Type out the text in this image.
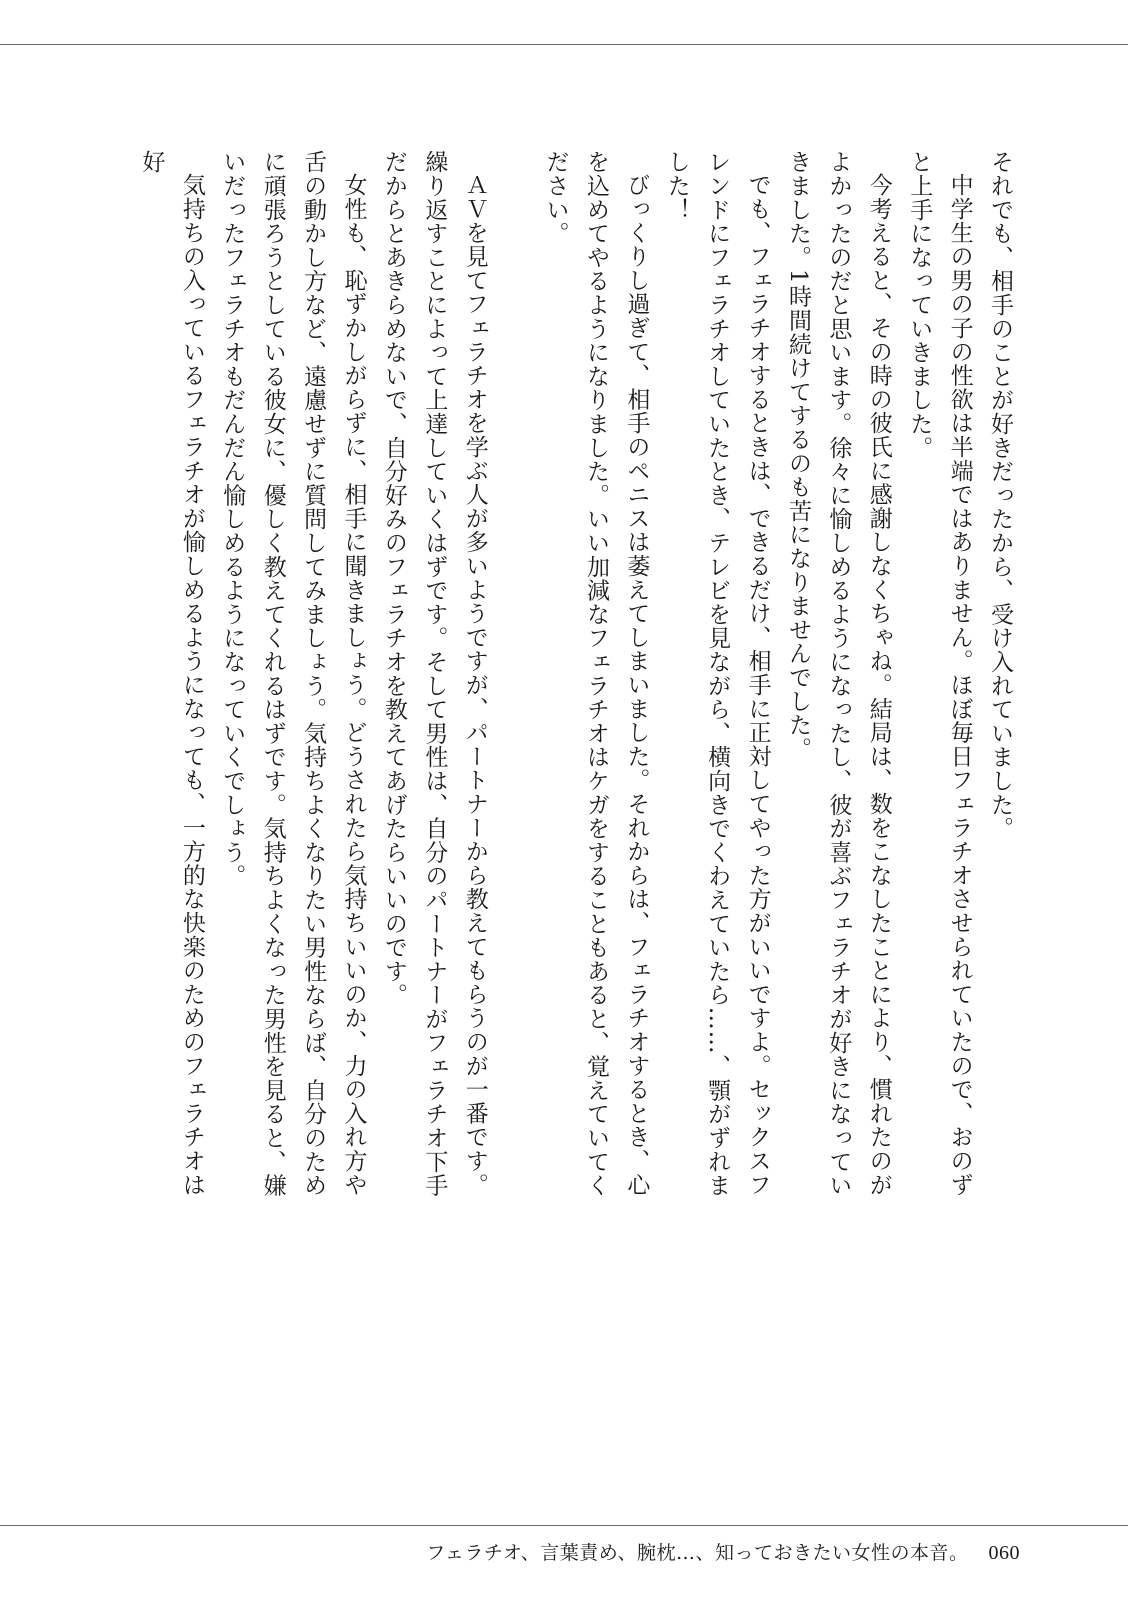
それでも、相手のことが好きだったから、受け入れていました。

中学生の男の子の性欲は半端ではありません。ほぼ毎日フェラチオさせられていたので、おのずと上手になっていきました。

今考えると、その時の彼氏に感謝しなくちゃね。結局は、数をこなしたことにより、慣れたのがよかったのだと思います。徐々に愉しめるようになったし、彼が喜ぶフェラチオが好きになっていきました。1時間続けてするのも苦になりませんでした。

でも、フェラチオするときは、できるだけ、相手に正対してやった方がいいですよ。セックスフレンドにフェラチオしていたとき、テレビを見ながら、横向きでくわえていたら……、顎がずれました！

びっくりし過ぎて、相手のペニスは萎えてしまいました。それからは、フェラチオするとき、心を込めてやるようになりました。いい加減なフェラチオはケガをすることもあると、覚えていてください。

ＡＶを見てフェラチオを学ぶ人が多いようですが、パートナーから教えてもらうのが一番です。繰り返すことによって上達していくはずです。そして男性は、自分のパートナーがフェラチオ下手だからとあきらめないで、自分好みのフェラチオを教えてあげたらいいのです。

女性も、恥ずかしがらずに、相手に聞きましょう。どうされたら気持ちいいのか、力の入れ方や舌の動かし方など、遠慮せずに質問してみましょう。気持ちよくなりたい男性ならば、自分のために頑張ろうとしている彼女に、優しく教えてくれるはずです。気持ちよくなった男性を見ると、嫌いだったフェラチオもだんだん愉しめるようになっていくでしょう。

気持ちの入っているフェラチオが愉しめるようになっても、一方的な快楽のためのフェラチオは好

フェラチオ、言葉責め、腕枕…、知っておきたい女性の本音。 060
